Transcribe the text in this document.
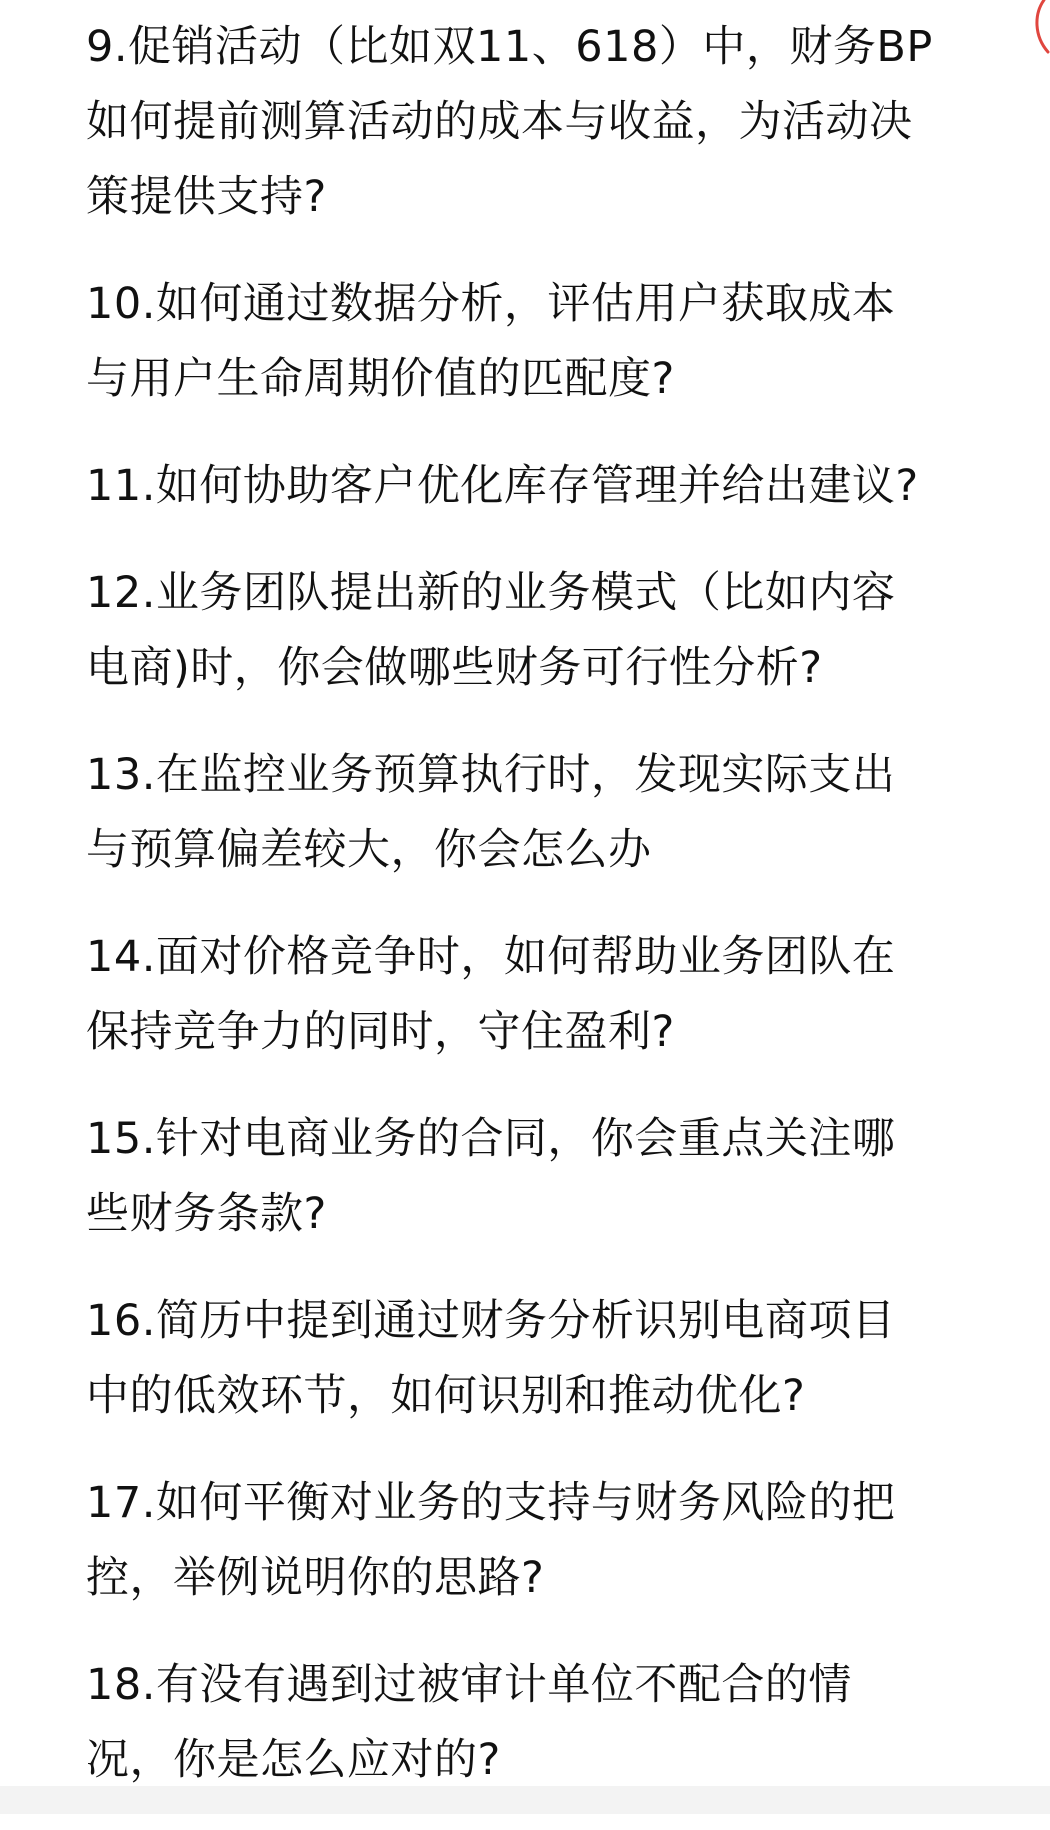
9.促销活动（比如双11、618）中，财务BP
如何提前测算活动的成本与收益，为活动决
策提供支持?
10.如何通过数据分析，评估用户获取成本
与用户生命周期价值的匹配度?
11.如何协助客户优化库存管理并给出建议?
12.业务团队提出新的业务模式（比如内容
电商)时，你会做哪些财务可行性分析?
13.在监控业务预算执行时，发现实际支出
与预算偏差较大，你会怎么办
14.面对价格竞争时，如何帮助业务团队在
保持竞争力的同时，守住盈利?
15.针对电商业务的合同，你会重点关注哪
些财务条款?
16.简历中提到通过财务分析识别电商项目
中的低效环节，如何识别和推动优化?
17.如何平衡对业务的支持与财务风险的把
控，举例说明你的思路?
18.有没有遇到过被审计单位不配合的情
况，你是怎么应对的?
